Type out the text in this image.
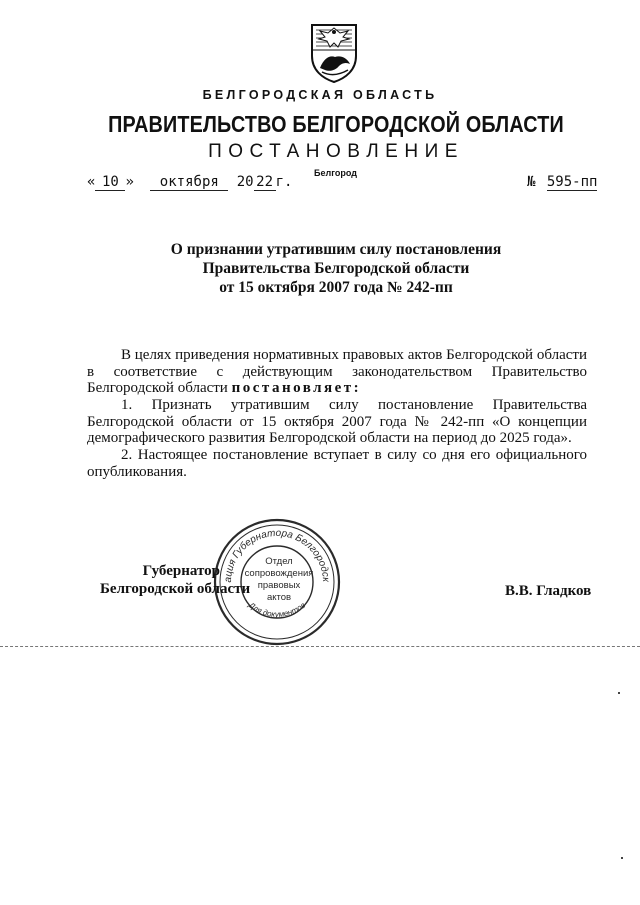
БЕЛГОРОДСКАЯ ОБЛАСТЬ
ПРАВИТЕЛЬСТВО БЕЛГОРОДСКОЙ ОБЛАСТИ
ПОСТАНОВЛЕНИЕ
Белгород
« 10 » октября 20 22 г.	№ 595-пп
О признании утратившим силу постановления
Правительства Белгородской области
от 15 октября 2007 года № 242-пп
В целях приведения нормативных правовых актов Белгородской области в соответствие с действующим законодательством Правительство Белгородской области постановляет:
1. Признать утратившим силу постановление Правительства Белгородской области от 15 октября 2007 года № 242-пп «О концепции демографического развития Белгородской области на период до 2025 года».
2. Настоящее постановление вступает в силу со дня его официального опубликования.
ация Губернатора Белгородск
Для документов
Отдел
сопровождения
правовых
актов
Губернатор
Белгородской области	В.В. Гладков
